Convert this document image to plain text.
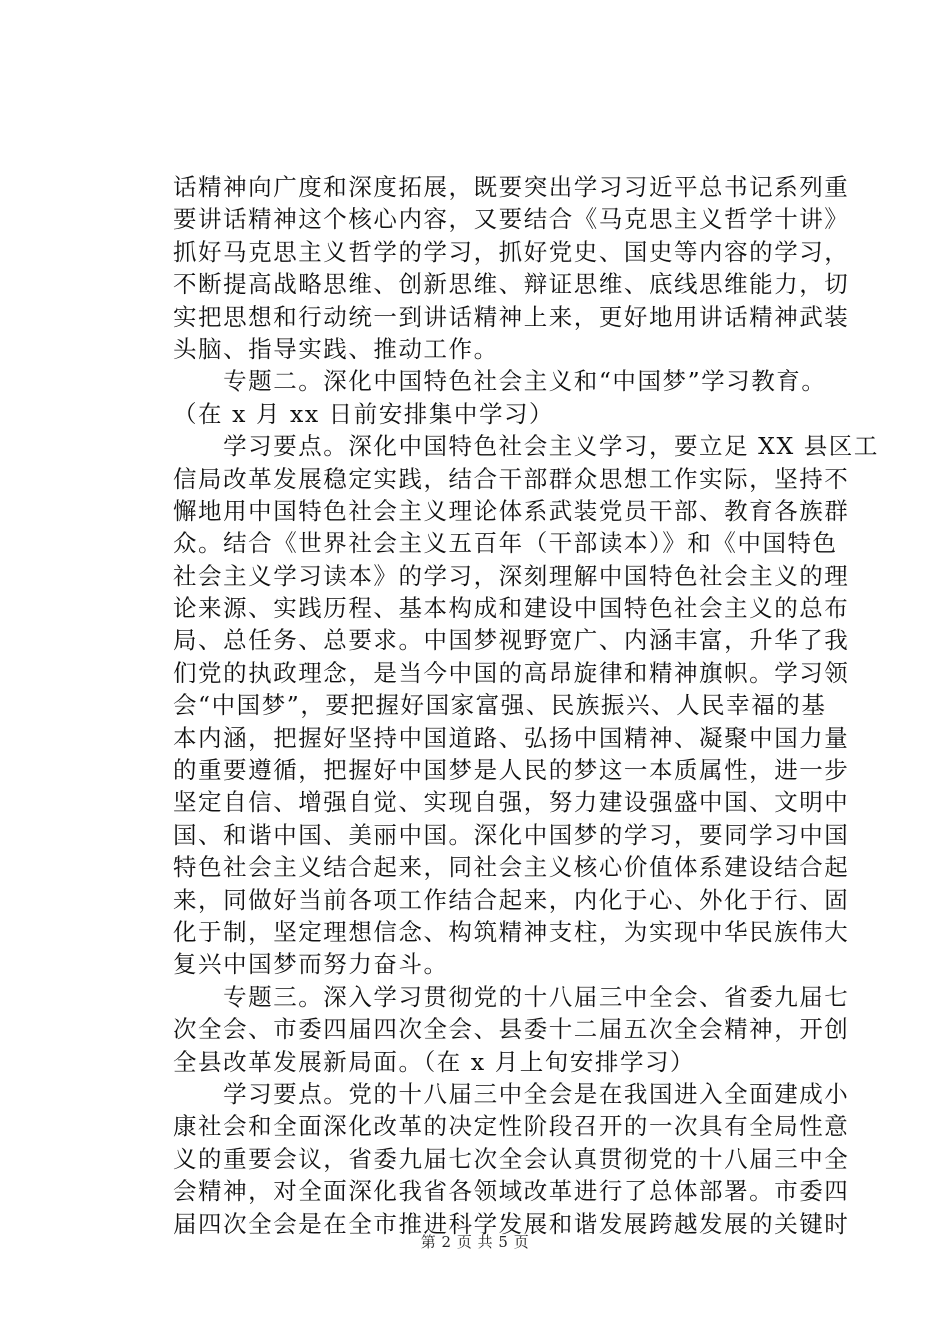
话精神向广度和深度拓展，既要突出学习习近平总书记系列重
要讲话精神这个核心内容，又要结合《马克思主义哲学十讲》
抓好马克思主义哲学的学习，抓好党史、国史等内容的学习，
不断提高战略思维、创新思维、辩证思维、底线思维能力，切
实把思想和行动统一到讲话精神上来，更好地用讲话精神武装
头脑、指导实践、推动工作。
　　专题二。深化中国特色社会主义和“中国梦”学习教育。
（在 x 月 xx 日前安排集中学习）
　　学习要点。深化中国特色社会主义学习，要立足 XX 县区工
信局改革发展稳定实践，结合干部群众思想工作实际，坚持不
懈地用中国特色社会主义理论体系武装党员干部、教育各族群
众。结合《世界社会主义五百年（干部读本）》和《中国特色
社会主义学习读本》的学习，深刻理解中国特色社会主义的理
论来源、实践历程、基本构成和建设中国特色社会主义的总布
局、总任务、总要求。中国梦视野宽广、内涵丰富，升华了我
们党的执政理念，是当今中国的高昂旋律和精神旗帜。学习领
会“中国梦”，要把握好国家富强、民族振兴、人民幸福的基
本内涵，把握好坚持中国道路、弘扬中国精神、凝聚中国力量
的重要遵循，把握好中国梦是人民的梦这一本质属性，进一步
坚定自信、增强自觉、实现自强，努力建设强盛中国、文明中
国、和谐中国、美丽中国。深化中国梦的学习，要同学习中国
特色社会主义结合起来，同社会主义核心价值体系建设结合起
来，同做好当前各项工作结合起来，内化于心、外化于行、固
化于制，坚定理想信念、构筑精神支柱，为实现中华民族伟大
复兴中国梦而努力奋斗。
　　专题三。深入学习贯彻党的十八届三中全会、省委九届七
次全会、市委四届四次全会、县委十二届五次全会精神，开创
全县改革发展新局面。（在 x 月上旬安排学习）
　　学习要点。党的十八届三中全会是在我国进入全面建成小
康社会和全面深化改革的决定性阶段召开的一次具有全局性意
义的重要会议，省委九届七次全会认真贯彻党的十八届三中全
会精神，对全面深化我省各领域改革进行了总体部署。市委四
届四次全会是在全市推进科学发展和谐发展跨越发展的关键时
第 2 页 共 5 页
